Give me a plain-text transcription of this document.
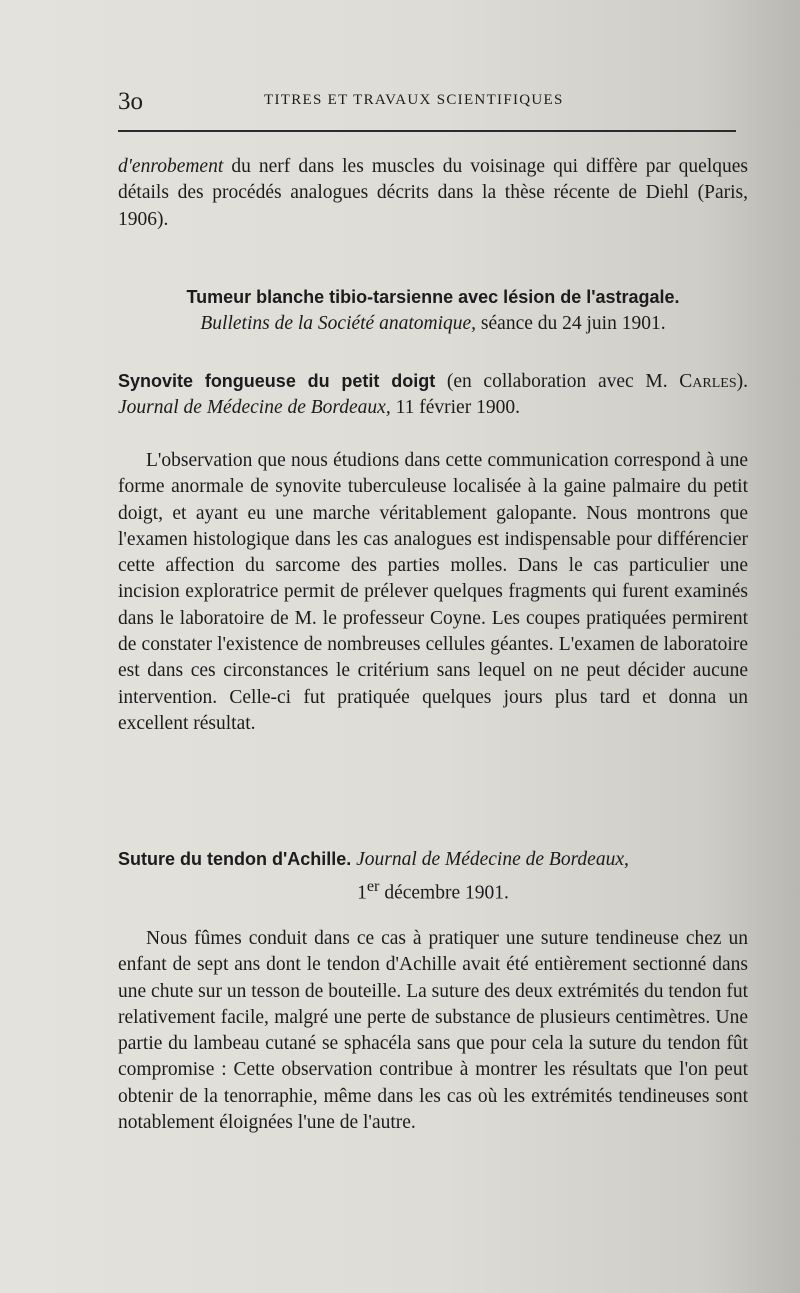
3o	TITRES ET TRAVAUX SCIENTIFIQUES

d'enrobement du nerf dans les muscles du voisinage qui diffère par quelques détails des procédés analogues décrits dans la thèse récente de Diehl (Paris, 1906).

Tumeur blanche tibio-tarsienne avec lésion de l'astragale.

Bulletins de la Société anatomique, séance du 24 juin 1901.

Synovite fongueuse du petit doigt (en collaboration avec M. Carles). Journal de Médecine de Bordeaux, 11 février 1900.

L'observation que nous étudions dans cette communication correspond à une forme anormale de synovite tuberculeuse localisée à la gaine palmaire du petit doigt, et ayant eu une marche véritablement galopante. Nous montrons que l'examen histologique dans les cas analogues est indispensable pour différencier cette affection du sarcome des parties molles. Dans le cas particulier une incision exploratrice permit de prélever quelques fragments qui furent examinés dans le laboratoire de M. le professeur Coyne. Les coupes pratiquées permirent de constater l'existence de nombreuses cellules géantes. L'examen de laboratoire est dans ces circonstances le critérium sans lequel on ne peut décider aucune intervention. Celle-ci fut pratiquée quelques jours plus tard et donna un excellent résultat.

Suture du tendon d'Achille. Journal de Médecine de Bordeaux,

1er décembre 1901.

Nous fûmes conduit dans ce cas à pratiquer une suture tendineuse chez un enfant de sept ans dont le tendon d'Achille avait été entièrement sectionné dans une chute sur un tesson de bouteille. La suture des deux extrémités du tendon fut relativement facile, malgré une perte de substance de plusieurs centimètres. Une partie du lambeau cutané se sphacéla sans que pour cela la suture du tendon fût compromise : Cette observation contribue à montrer les résultats que l'on peut obtenir de la tenorraphie, même dans les cas où les extrémités tendineuses sont notablement éloignées l'une de l'autre.
